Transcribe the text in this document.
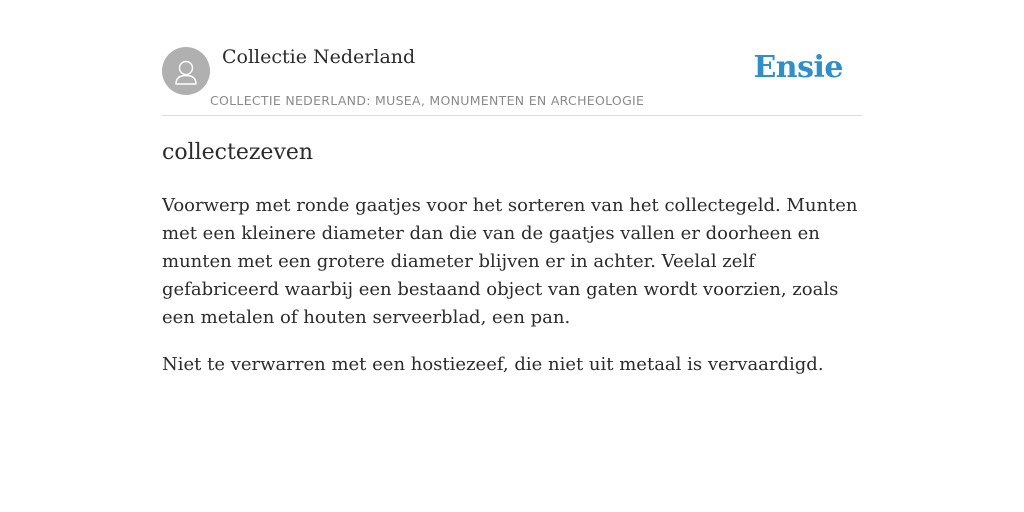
Collectie Nederland
COLLECTIE NEDERLAND: MUSEA, MONUMENTEN EN ARCHEOLOGIE
Ensie
collectezeven

Voorwerp met ronde gaatjes voor het sorteren van het collectegeld. Munten met een kleinere diameter dan die van de gaatjes vallen er doorheen en munten met een grotere diameter blijven er in achter. Veelal zelf gefabriceerd waarbij een bestaand object van gaten wordt voorzien, zoals een metalen of houten serveerblad, een pan.

Niet te verwarren met een hostiezeef, die niet uit metaal is vervaardigd.
